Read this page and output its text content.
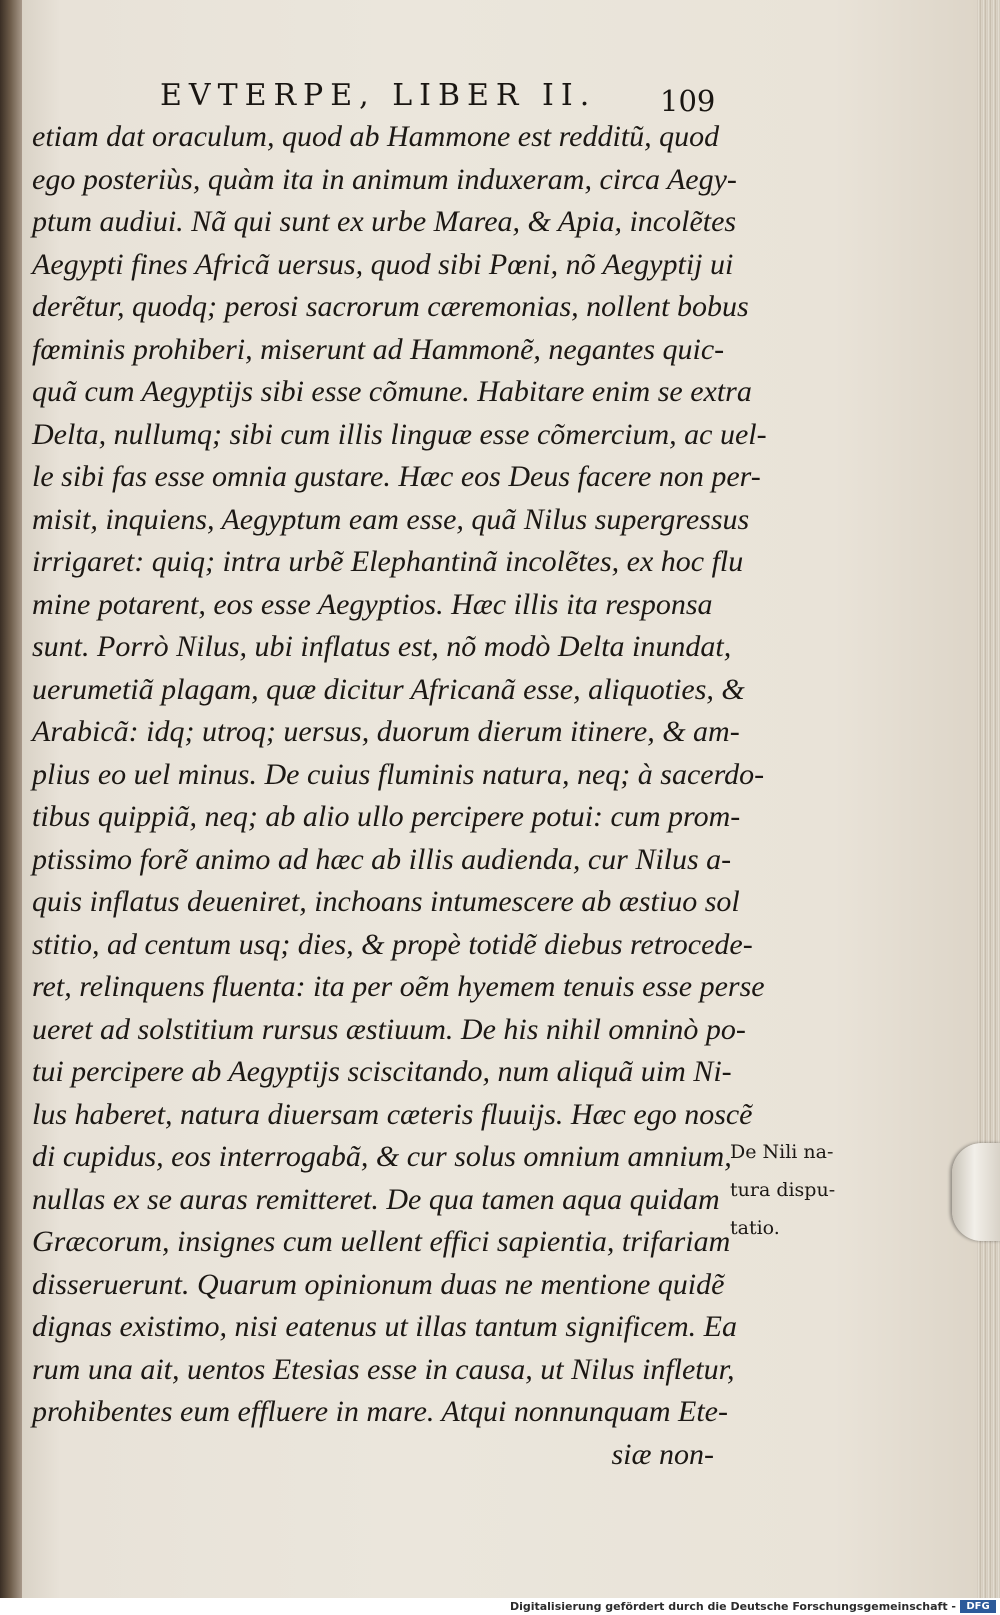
EVTERPE, LIBER II.	109
etiam dat oraculum, quod ab Hammone est redditũ, quod
ego posteriùs, quàm ita in animum induxeram, circa Aegy-
ptum audiui. Nã qui sunt ex urbe Marea, & Apia, incolẽtes
Aegypti fines Africã uersus, quod sibi Pœni, nõ Aegyptij ui
derẽtur, quodq; perosi sacrorum cæremonias, nollent bobus
fœminis prohiberi, miserunt ad Hammonẽ, negantes quic-
quã cum Aegyptijs sibi esse cõmune. Habitare enim se extra
Delta, nullumq; sibi cum illis linguæ esse cõmercium, ac uel-
le sibi fas esse omnia gustare. Hæc eos Deus facere non per-
misit, inquiens, Aegyptum eam esse, quã Nilus supergressus
irrigaret: quiq; intra urbẽ Elephantinã incolẽtes, ex hoc flu
mine potarent, eos esse Aegyptios. Hæc illis ita responsa
sunt. Porrò Nilus, ubi inflatus est, nõ modò Delta inundat,
uerumetiã plagam, quæ dicitur Africanã esse, aliquoties, &
Arabicã: idq; utroq; uersus, duorum dierum itinere, & am-
plius eo uel minus. De cuius fluminis natura, neq; à sacerdo-
tibus quippiã, neq; ab alio ullo percipere potui: cum prom-
ptissimo forẽ animo ad hæc ab illis audienda, cur Nilus a-
quis inflatus deueniret, inchoans intumescere ab æstiuo sol
stitio, ad centum usq; dies, & propè totidẽ diebus retrocede-
ret, relinquens fluenta: ita per oẽm hyemem tenuis esse perse
ueret ad solstitium rursus æstiuum. De his nihil omninò po-
tui percipere ab Aegyptijs sciscitando, num aliquã uim Ni-
lus haberet, natura diuersam cæteris fluuijs. Hæc ego noscẽ
di cupidus, eos interrogabã, & cur solus omnium amnium,
nullas ex se auras remitteret. De qua tamen aqua quidam
Græcorum, insignes cum uellent effici sapientia, trifariam
disseruerunt. Quarum opinionum duas ne mentione quidẽ
dignas existimo, nisi eatenus ut illas tantum significem. Ea
rum una ait, uentos Etesias esse in causa, ut Nilus infletur,
prohibentes eum effluere in mare. Atqui nonnunquam Ete-
siæ non-
De Nili na-
tura dispu-
tatio.
Digitalisierung gefördert durch die Deutsche Forschungsgemeinschaft -	DFG
